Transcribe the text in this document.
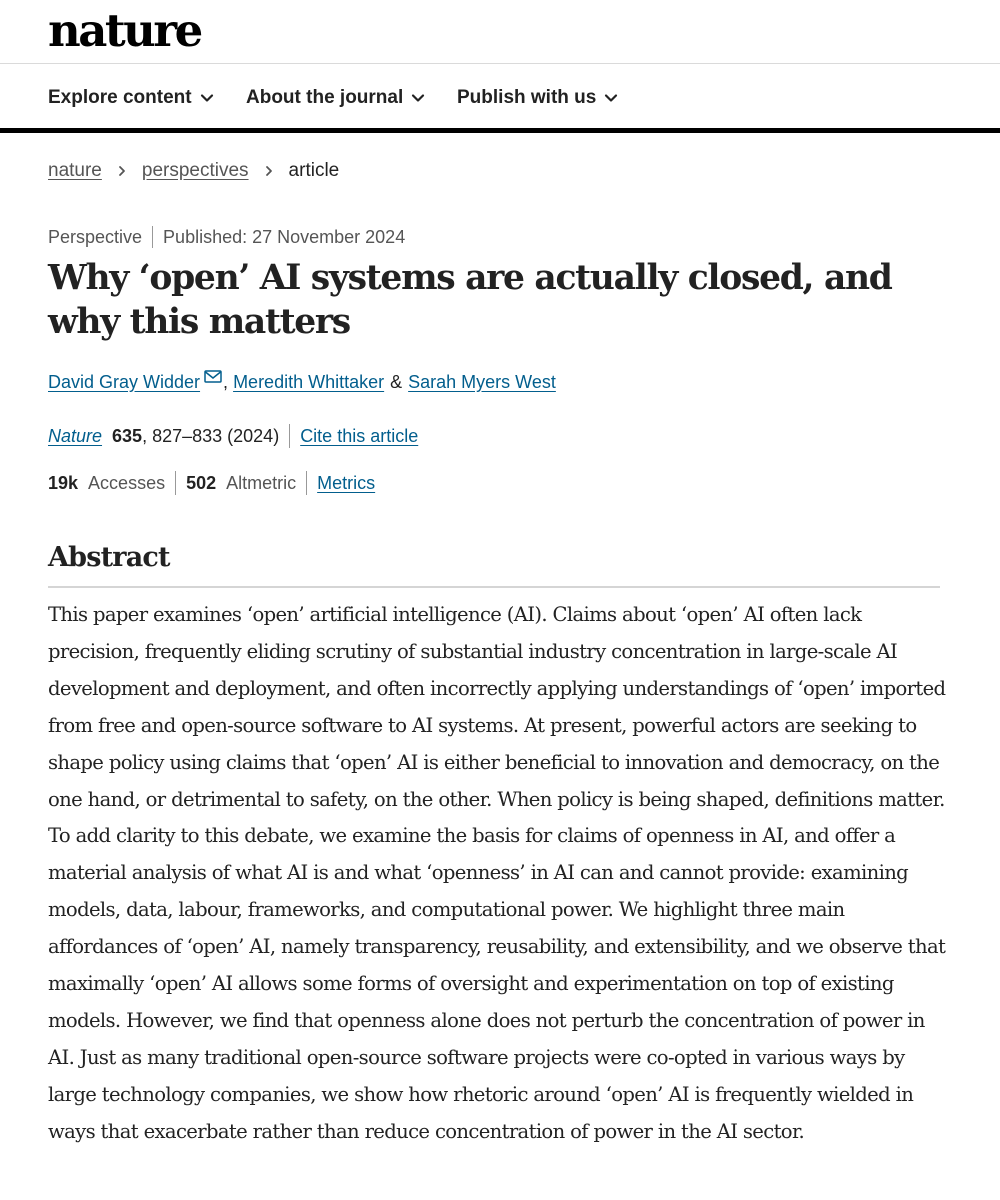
nature
Explore content	About the journal	Publish with us
nature perspectives article
Perspective Published: 27 November 2024
Why ‘open’ AI systems are actually closed, and why this matters
David Gray Widder , Meredith Whittaker & Sarah Myers West
Nature 635 , 827–833 (2024) Cite this article
19k Accesses 502 Altmetric Metrics
Abstract

This paper examines ‘open’ artificial intelligence (AI). Claims about ‘open’ AI often lack precision, frequently eliding scrutiny of substantial industry concentration in large-scale AI development and deployment, and often incorrectly applying understandings of ‘open’ imported from free and open-source software to AI systems. At present, powerful actors are seeking to shape policy using claims that ‘open’ AI is either beneficial to innovation and democracy, on the one hand, or detrimental to safety, on the other. When policy is being shaped, definitions matter. To add clarity to this debate, we examine the basis for claims of openness in AI, and offer a material analysis of what AI is and what ‘openness’ in AI can and cannot provide: examining models, data, labour, frameworks, and computational power. We highlight three main affordances of ‘open’ AI, namely transparency, reusability, and extensibility, and we observe that maximally ‘open’ AI allows some forms of oversight and experimentation on top of existing models. However, we find that openness alone does not perturb the concentration of power in AI. Just as many traditional open-source software projects were co-opted in various ways by large technology companies, we show how rhetoric around ‘open’ AI is frequently wielded in ways that exacerbate rather than reduce concentration of power in the AI sector.
